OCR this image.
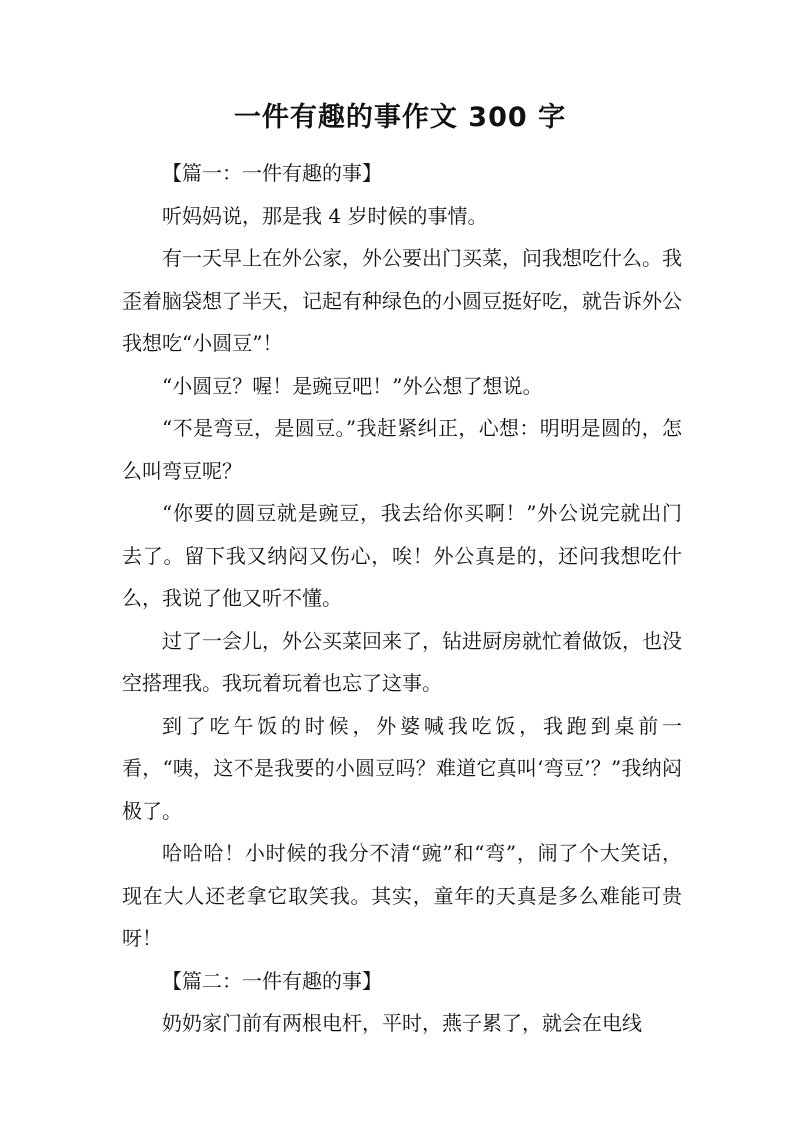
一件有趣的事作文 300 字

【篇一：一件有趣的事】

听妈妈说，那是我 4 岁时候的事情。

有一天早上在外公家，外公要出门买菜，问我想吃什么。我歪着脑袋想了半天，记起有种绿色的小圆豆挺好吃，就告诉外公我想吃“小圆豆”！

“小圆豆？喔！是豌豆吧！”外公想了想说。

“不是弯豆，是圆豆。”我赶紧纠正，心想：明明是圆的，怎么叫弯豆呢？

“你要的圆豆就是豌豆，我去给你买啊！”外公说完就出门去了。留下我又纳闷又伤心，唉！外公真是的，还问我想吃什么，我说了他又听不懂。

过了一会儿，外公买菜回来了，钻进厨房就忙着做饭，也没空搭理我。我玩着玩着也忘了这事。

到了吃午饭的时候，外婆喊我吃饭，我跑到桌前一看，“咦，这不是我要的小圆豆吗？难道它真叫‘弯豆’？”我纳闷极了。

哈哈哈！小时候的我分不清“豌”和“弯”，闹了个大笑话，现在大人还老拿它取笑我。其实，童年的天真是多么难能可贵呀！

【篇二：一件有趣的事】

奶奶家门前有两根电杆，平时，燕子累了，就会在电线
